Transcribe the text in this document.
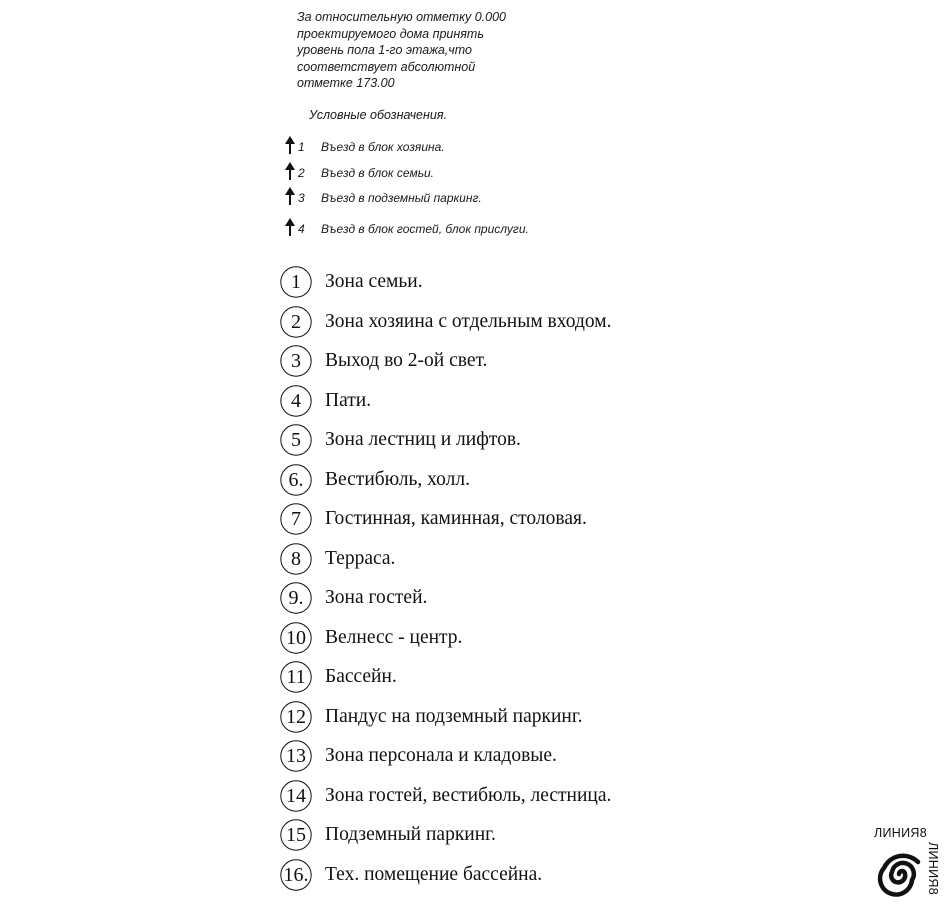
За относительную отметку 0.000
проектируемого дома принять
уровень пола 1-го этажа,что
соответствует абсолютной
отметке 173.00
Условные обозначения.
1 Въезд в блок хозяина.
2 Въезд в блок семьи.
3 Въезд в подземный паркинг.
4 Въезд в блок гостей, блок прислуги.
1	Зона семьи.
2	Зона хозяина с отдельным входом.
3	Выход во 2-ой свет.
4	Пати.
5	Зона лестниц и лифтов.
6.	Вестибюль, холл.
7	Гостинная, каминная, столовая.
8	Терраса.
9.	Зона гостей.
10 Велнесс - центр.
11 Бассейн.
12 Пандус на подземный паркинг.
13 Зона персонала и кладовые.
14 Зона гостей, вестибюль, лестница.
15 Подземный паркинг.
16. Тех. помещение бассейна.
ЛИНИЯ8
ЛИНИЯ8
